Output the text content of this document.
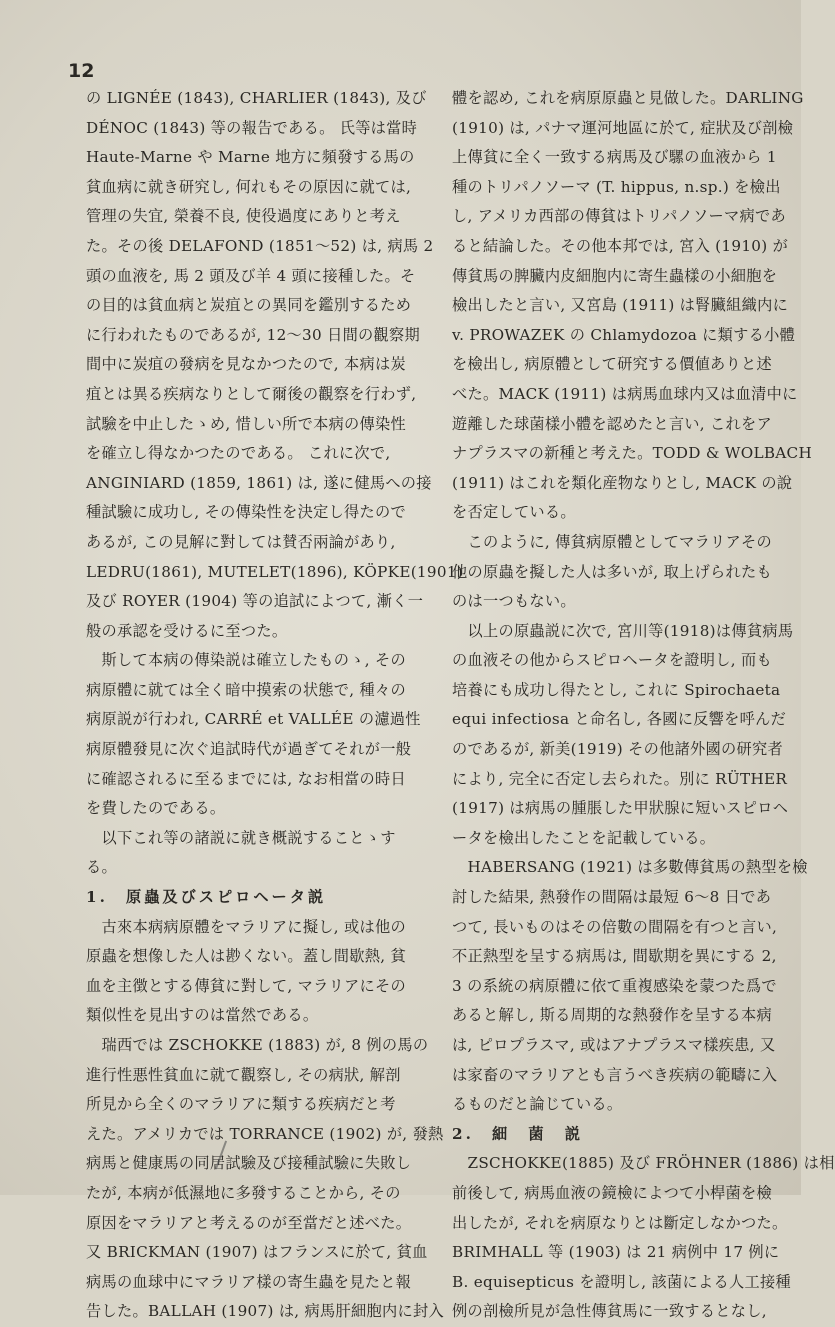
12

の LIGNÉE (1843), CHARLIER (1843), 及び

DÉNOC (1843) 等の報告である。 氏等は當時

Haute-Marne や Marne 地方に頻發する馬の

貧血病に就き研究し, 何れもその原因に就ては,

管理の失宜, 榮養不良, 使役過度にありと考え

た。その後 DELAFOND (1851〜52) は, 病馬 2

頭の血液を, 馬 2 頭及び羊 4 頭に接種した。そ

の目的は貧血病と炭疽との異同を鑑別するため

に行われたものであるが, 12〜30 日間の觀察期

間中に炭疽の發病を見なかつたので, 本病は炭

疽とは異る疾病なりとして爾後の觀察を行わず,

試驗を中止したゝめ, 惜しい所で本病の傳染性

を確立し得なかつたのである。 これに次で,

ANGINIARD (1859, 1861) は, 遂に健馬への接

種試驗に成功し, その傳染性を決定し得たので

あるが, この見解に對しては賛否兩論があり,

LEDRU(1861), MUTELET(1896), KÖPKE(1901)

及び ROYER (1904) 等の追試によつて, 漸く一

般の承認を受けるに至つた。

　斯して本病の傳染説は確立したものゝ, その

病原體に就ては全く暗中摸索の状態で, 種々の

病原説が行われ, CARRÉ et VALLÉE の濾過性

病原體發見に次ぐ追試時代が過ぎてそれが一般

に確認されるに至るまでには, なお相當の時日

を費したのである。

　以下これ等の諸説に就き概説することゝす

る。

1.　原蟲及びスピロヘータ説

　古來本病病原體をマラリアに擬し, 或は他の

原蟲を想像した人は尠くない。蓋し間歇熱, 貧

血を主徴とする傳貧に對して, マラリアにその

類似性を見出すのは當然である。

　瑞西では ZSCHOKKE (1883) が, 8 例の馬の

進行性悪性貧血に就て觀察し, その病狀, 解剖

所見から全くのマラリアに類する疾病だと考

えた。アメリカでは TORRANCE (1902) が, 發熱

病馬と健康馬の同居試驗及び接種試驗に失敗し

たが, 本病が低濕地に多發することから, その

原因をマラリアと考えるのが至當だと述べた。

又 BRICKMAN (1907) はフランスに於て, 貧血

病馬の血球中にマラリア樣の寄生蟲を見たと報

告した。BALLAH (1907) は, 病馬肝細胞内に封入

體を認め, これを病原原蟲と見做した。DARLING

(1910) は, パナマ運河地區に於て, 症狀及び剖檢

上傳貧に全く一致する病馬及び騾の血液から 1

種のトリパノソーマ (T. hippus, n.sp.) を檢出

し, アメリカ西部の傳貧はトリパノソーマ病であ

ると結論した。その他本邦では, 宮入 (1910) が

傳貧馬の脾臟内皮細胞内に寄生蟲樣の小細胞を

檢出したと言い, 又宮島 (1911) は腎臟組織内に

v. PROWAZEK の Chlamydozoa に類する小體

を檢出し, 病原體として研究する價値ありと述

べた。MACK (1911) は病馬血球内又は血清中に

遊離した球菌樣小體を認めたと言い, これをア

ナプラスマの新種と考えた。TODD & WOLBACH

(1911) はこれを類化産物なりとし, MACK の說

を否定している。

　このように, 傳貧病原體としてマラリアその

他の原蟲を擬した人は多いが, 取上げられたも

のは一つもない。

　以上の原蟲説に次で, 宮川等(1918)は傳貧病馬

の血液その他からスピロヘータを證明し, 而も

培養にも成功し得たとし, これに Spirochaeta

equi infectiosa と命名し, 各國に反響を呼んだ

のであるが, 新美(1919) その他諸外國の研究者

により, 完全に否定し去られた。別に RÜTHER

(1917) は病馬の腫脹した甲狀腺に短いスピロヘ

ータを檢出したことを記載している。

　HABERSANG (1921) は多數傳貧馬の熱型を檢

討した結果, 熱發作の間隔は最短 6〜8 日であ

つて, 長いものはその倍數の間隔を有つと言い,

不正熱型を呈する病馬は, 間歇期を異にする 2,

3 の系統の病原體に依て重複感染を蒙つた爲で

あると解し, 斯る周期的な熱發作を呈する本病

は, ピロプラスマ, 或はアナプラスマ樣疾患, 又

は家畜のマラリアとも言うべき疾病の範疇に入

るものだと論じている。

2.　細　菌　説

　ZSCHOKKE(1885) 及び FRÖHNER (1886) は相

前後して, 病馬血液の鏡檢によつて小桿菌を檢

出したが, それを病原なりとは斷定しなかつた。

BRIMHALL 等 (1903) は 21 病例中 17 例に

B. equisepticus を證明し, 該菌による人工接種

例の剖檢所見が急性傳貧馬に一致するとなし,
